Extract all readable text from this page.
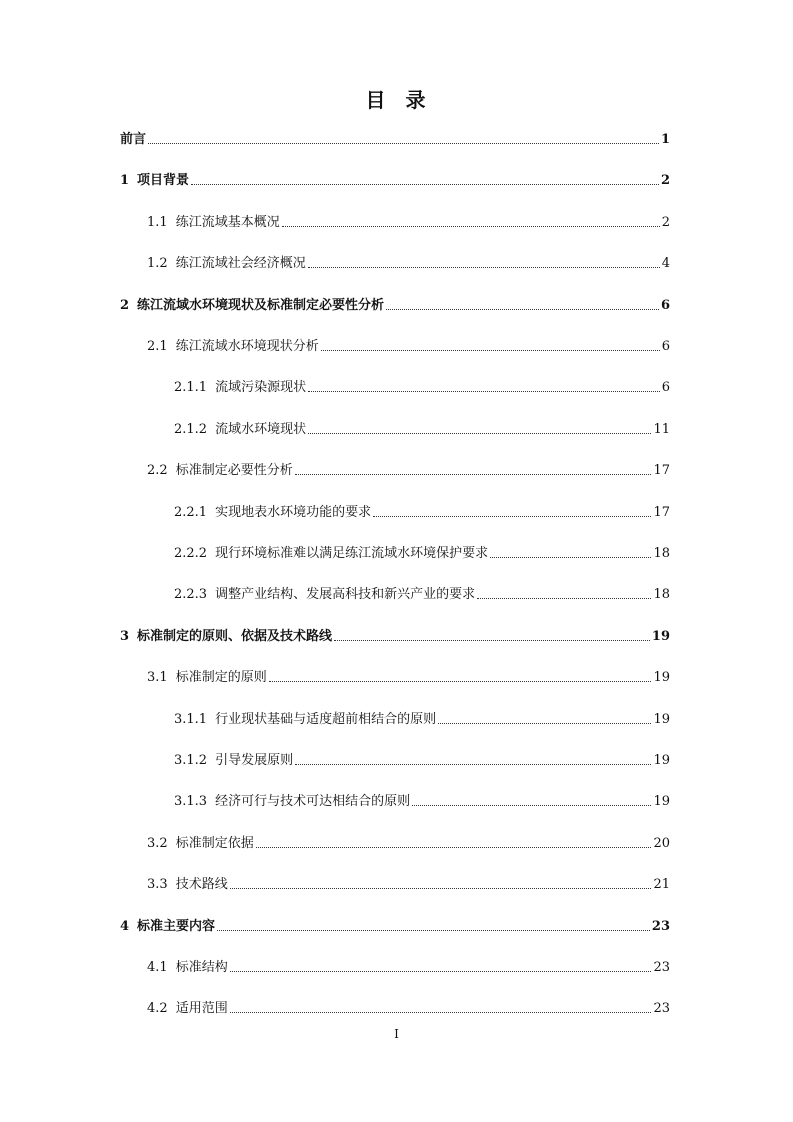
目 录
前言	1
1 项目背景	2
1.1 练江流域基本概况	2
1.2 练江流域社会经济概况	4
2 练江流域水环境现状及标准制定必要性分析	6
2.1 练江流域水环境现状分析	6
2.1.1 流域污染源现状	6
2.1.2 流域水环境现状	11
2.2 标准制定必要性分析	17
2.2.1 实现地表水环境功能的要求	17
2.2.2 现行环境标准难以满足练江流域水环境保护要求	18
2.2.3 调整产业结构、发展高科技和新兴产业的要求	18
3 标准制定的原则、依据及技术路线	19
3.1 标准制定的原则	19
3.1.1 行业现状基础与适度超前相结合的原则	19
3.1.2 引导发展原则	19
3.1.3 经济可行与技术可达相结合的原则	19
3.2 标准制定依据	20
3.3 技术路线	21
4 标准主要内容	23
4.1 标准结构	23
4.2 适用范围	23
I
